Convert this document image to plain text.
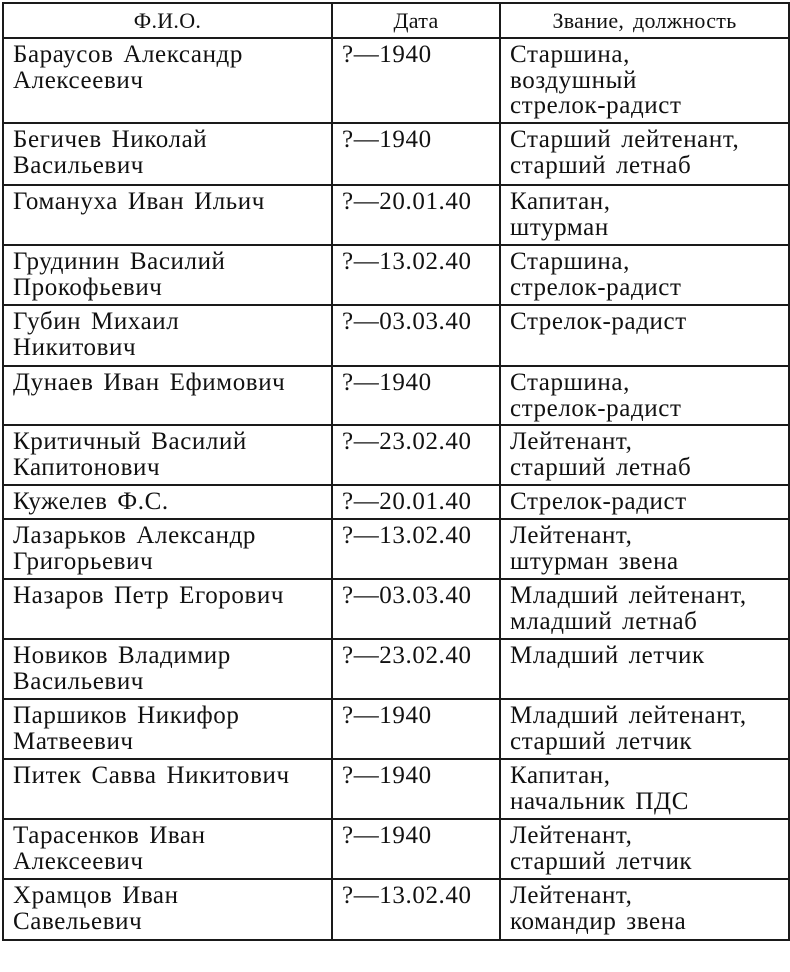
Ф.И.О.	Дата	Звание, должность

Бараусов Александр
Алексеевич	?—1940	Старшина,
воздушный
стрелок-радист

Бегичев Николай
Васильевич	?—1940	Старший лейтенант,
старший летнаб

Гомануха Иван Ильич	?—20.01.40	Капитан,
штурман

Грудинин Василий
Прокофьевич	?—13.02.40	Старшина,
стрелок-радист

Губин Михаил
Никитович	?—03.03.40	Стрелок-радист

Дунаев Иван Ефимович	?—1940	Старшина,
стрелок-радист

Критичный Василий
Капитонович	?—23.02.40	Лейтенант,
старший летнаб

Кужелев Ф.С.	?—20.01.40	Стрелок-радист

Лазарьков Александр
Григорьевич	?—13.02.40	Лейтенант,
штурман звена

Назаров Петр Егорович	?—03.03.40	Младший лейтенант,
младший летнаб

Новиков Владимир
Васильевич	?—23.02.40	Младший летчик

Паршиков Никифор
Матвеевич	?—1940	Младший лейтенант,
старший летчик

Питек Савва Никитович	?—1940	Капитан,
начальник ПДС

Тарасенков Иван
Алексеевич	?—1940	Лейтенант,
старший летчик

Храмцов Иван
Савельевич	?—13.02.40	Лейтенант,
командир звена
